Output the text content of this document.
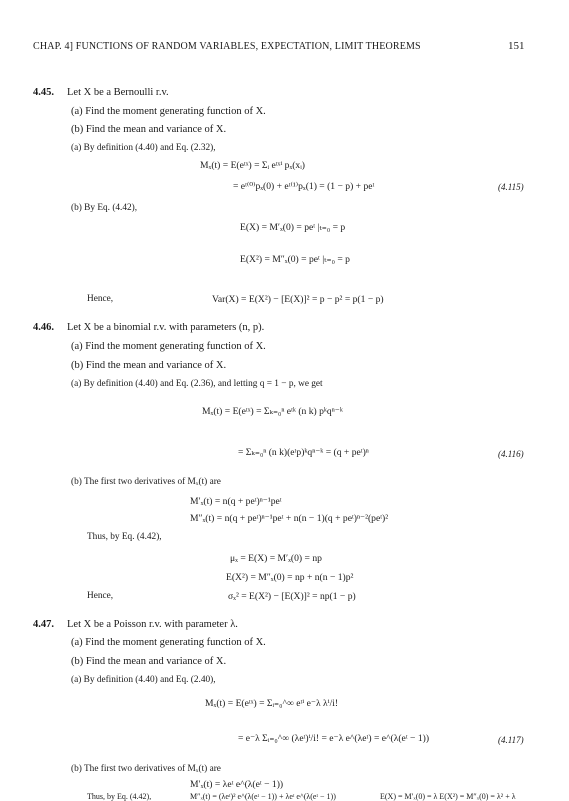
CHAP. 4] FUNCTIONS OF RANDOM VARIABLES, EXPECTATION, LIMIT THEOREMS	151
4.45. Let X be a Bernoulli r.v.
(a) Find the moment generating function of X.
(b) Find the mean and variance of X.
(a) By definition (4.40) and Eq. (2.32),
Mₓ(t) = E(eᵗˣ) = Σᵢ eᵗˣⁱ pₓ(xᵢ)
= eᵗ⁽⁰⁾pₓ(0) + eᵗ⁽¹⁾pₓ(1) = (1 − p) + peᵗ	(4.115)
(b) By Eq. (4.42),
E(X) = M′ₓ(0) = peᵗ |ₜ₌₀ = p
E(X²) = M″ₓ(0) = peᵗ |ₜ₌₀ = p
Hence,	Var(X) = E(X²) − [E(X)]² = p − p² = p(1 − p)
4.46. Let X be a binomial r.v. with parameters (n, p).
(a) Find the moment generating function of X.
(b) Find the mean and variance of X.
(a) By definition (4.40) and Eq. (2.36), and letting q = 1 − p, we get
Mₓ(t) = E(eᵗˣ) = Σₖ₌₀ⁿ eᵗᵏ (n k) pᵏqⁿ⁻ᵏ
= Σₖ₌₀ⁿ (n k)(eᵗp)ᵏqⁿ⁻ᵏ = (q + peᵗ)ⁿ	(4.116)
(b) The first two derivatives of Mₓ(t) are
M′ₓ(t) = n(q + peᵗ)ⁿ⁻¹peᵗ
M″ₓ(t) = n(q + peᵗ)ⁿ⁻¹peᵗ + n(n − 1)(q + peᵗ)ⁿ⁻²(peᵗ)²
Thus, by Eq. (4.42),
μₓ = E(X) = M′ₓ(0) = np
E(X²) = M″ₓ(0) = np + n(n − 1)p²
Hence,	σₓ² = E(X²) − [E(X)]² = np(1 − p)
4.47. Let X be a Poisson r.v. with parameter λ.
(a) Find the moment generating function of X.
(b) Find the mean and variance of X.
(a) By definition (4.40) and Eq. (2.40),
Mₓ(t) = E(eᵗˣ) = Σᵢ₌₀^∞ eᵗⁱ e⁻λ λⁱ/i!
= e⁻λ Σᵢ₌₀^∞ (λeᵗ)ⁱ/i! = e⁻λ e^(λeᵗ) = e^(λ(eᵗ − 1))	(4.117)
(b) The first two derivatives of Mₓ(t) are
M′ₓ(t) = λeᵗ e^(λ(eᵗ − 1))
M″ₓ(t) = (λeᵗ)² e^(λ(eᵗ − 1)) + λeᵗ e^(λ(eᵗ − 1))
Thus, by Eq. (4.42),	E(X) = M′ₓ(0) = λ E(X²) = M″ₓ(0) = λ² + λ
